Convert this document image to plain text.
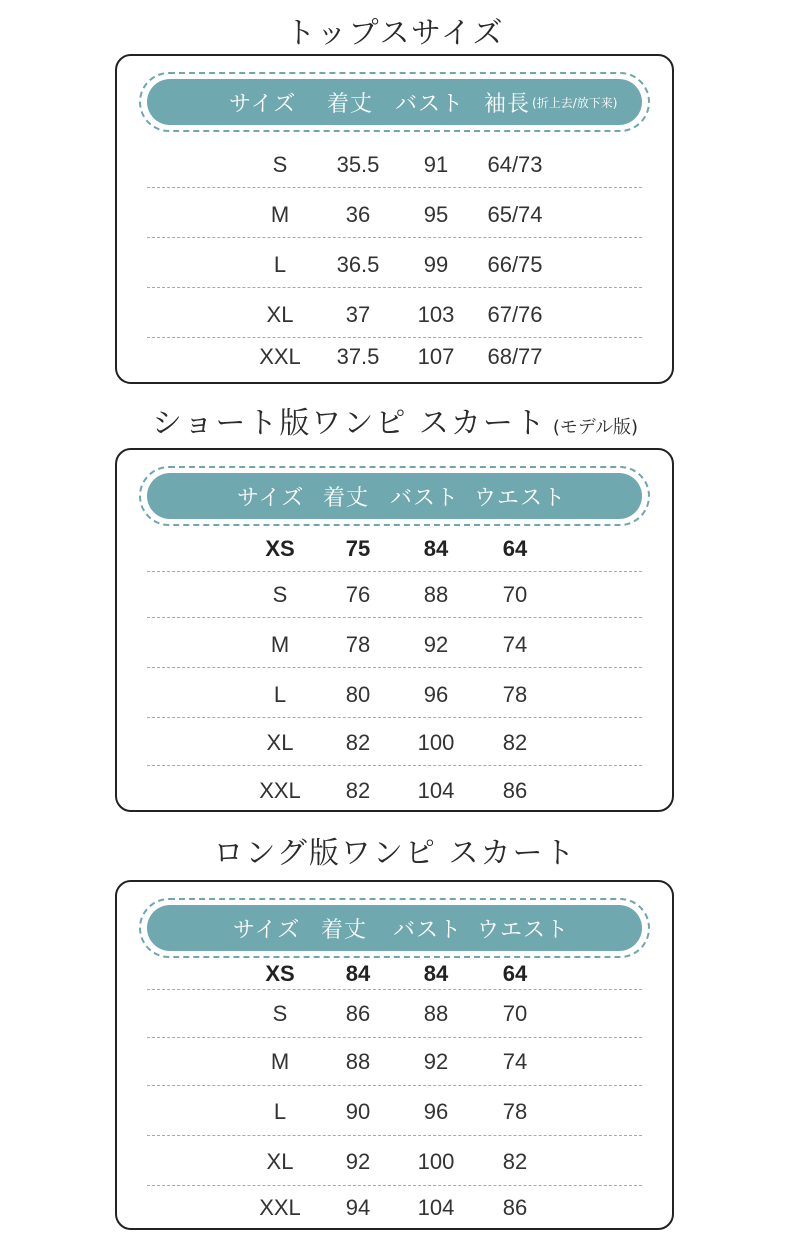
トップスサイズ
サイズ 着丈 バスト 袖長 (折上去/放下来)
S	35.5	91	64/73
M	36	95	65/74
L	36.5	99	66/75
XL	37	103	67/76
XXL	37.5	107	68/77
ショート版ワンピ スカート (モデル版)
サイズ 着丈 バスト ウエスト
XS	75	84	64
S	76	88	70
M	78	92	74
L	80	96	78
XL	82	100	82
XXL	82	104	86
ロング版ワンピ スカート
サイズ 着丈 バスト ウエスト
XS	84	84	64
S	86	88	70
M	88	92	74
L	90	96	78
XL	92	100	82
XXL	94	104	86
